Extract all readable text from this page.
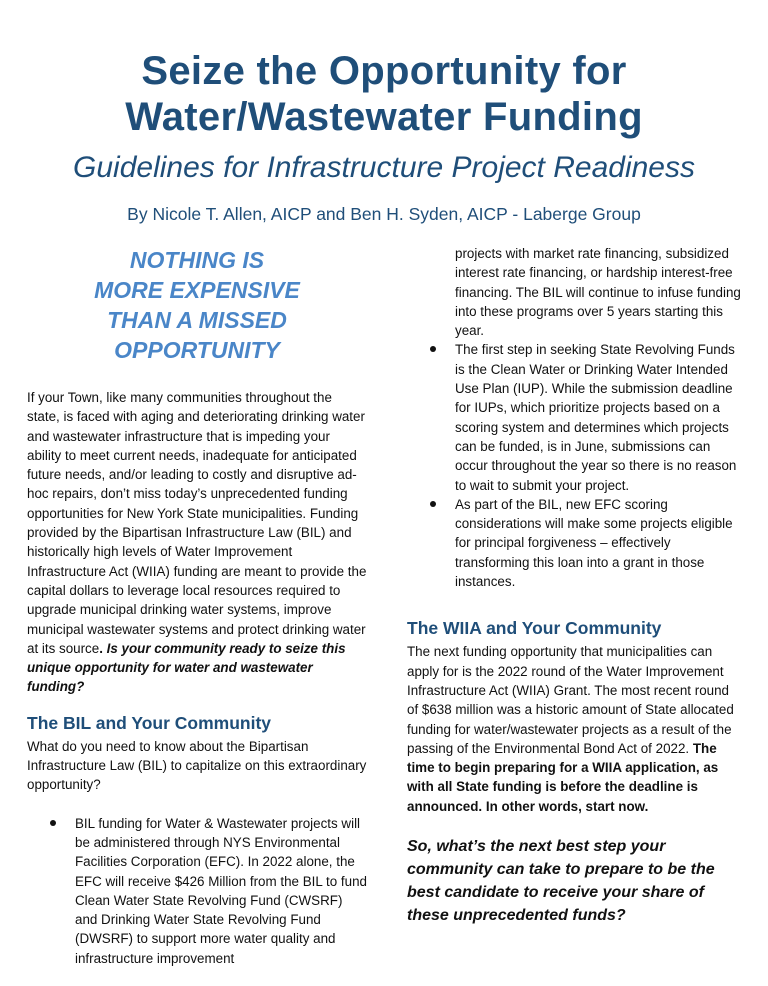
Seize the Opportunity for
Water/Wastewater Funding
Guidelines for Infrastructure Project Readiness
By Nicole T. Allen, AICP and Ben H. Syden, AICP - Laberge Group
NOTHING IS
MORE EXPENSIVE
THAN A MISSED
OPPORTUNITY

If your Town, like many communities throughout the state, is faced with aging and deteriorating drinking water and wastewater infrastructure that is impeding your ability to meet current needs, inadequate for anticipated future needs, and/or leading to costly and disruptive ad-hoc repairs, don’t miss today’s unprecedented funding opportunities for New York State municipalities. Funding provided by the Bipartisan Infrastructure Law (BIL) and historically high levels of Water Improvement Infrastructure Act (WIIA) funding are meant to provide the capital dollars to leverage local resources required to upgrade municipal drinking water systems, improve municipal wastewater systems and protect drinking water at its source. Is your community ready to seize this unique opportunity for water and wastewater funding?

The BIL and Your Community

What do you need to know about the Bipartisan Infrastructure Law (BIL) to capitalize on this extraordinary opportunity?

BIL funding for Water & Wastewater projects will be administered through NYS Environmental Facilities Corporation (EFC). In 2022 alone, the EFC will receive $426 Million from the BIL to fund Clean Water State Revolving Fund (CWSRF) and Drinking Water State Revolving Fund (DWSRF) to support more water quality and infrastructure improvement
projects with market rate financing, subsidized interest rate financing, or hardship interest-free financing. The BIL will continue to infuse funding into these programs over 5 years starting this year.
The first step in seeking State Revolving Funds is the Clean Water or Drinking Water Intended Use Plan (IUP). While the submission deadline for IUPs, which prioritize projects based on a scoring system and determines which projects can be funded, is in June, submissions can occur throughout the year so there is no reason to wait to submit your project.
As part of the BIL, new EFC scoring considerations will make some projects eligible for principal forgiveness – effectively transforming this loan into a grant in those instances.
The WIIA and Your Community

The next funding opportunity that municipalities can apply for is the 2022 round of the Water Improvement Infrastructure Act (WIIA) Grant. The most recent round of $638 million was a historic amount of State allocated funding for water/wastewater projects as a result of the passing of the Environmental Bond Act of 2022. The time to begin preparing for a WIIA application, as with all State funding is before the deadline is announced. In other words, start now.

So, what’s the next best step your community can take to prepare to be the best candidate to receive your share of these unprecedented funds?
